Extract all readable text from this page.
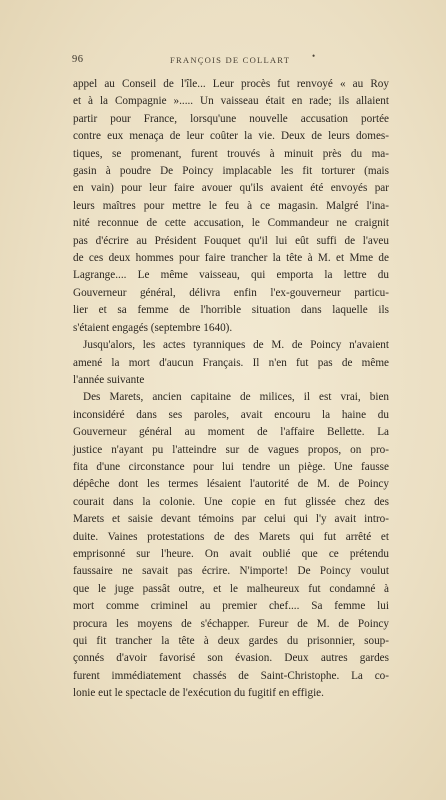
96	FRANÇOIS DE COLLART •
appel au Conseil de l'île... Leur procès fut renvoyé « au Roy
et à la Compagnie »..... Un vaisseau était en rade; ils allaient
partir pour France, lorsqu'une nouvelle accusation portée
contre eux menaça de leur coûter la vie. Deux de leurs domes-
tiques, se promenant, furent trouvés à minuit près du ma-
gasin à poudre De Poincy implacable les fit torturer (mais
en vain) pour leur faire avouer qu'ils avaient été envoyés par
leurs maîtres pour mettre le feu à ce magasin. Malgré l'ina-
nité reconnue de cette accusation, le Commandeur ne craignit
pas d'écrire au Président Fouquet qu'il lui eût suffi de l'aveu
de ces deux hommes pour faire trancher la tête à M. et Mme de
Lagrange.... Le même vaisseau, qui emporta la lettre du
Gouverneur général, délivra enfin l'ex-gouverneur particu-
lier et sa femme de l'horrible situation dans laquelle ils
s'étaient engagés (septembre 1640).
Jusqu'alors, les actes tyranniques de M. de Poincy n'avaient
amené la mort d'aucun Français. Il n'en fut pas de même
l'année suivante
Des Marets, ancien capitaine de milices, il est vrai, bien
inconsidéré dans ses paroles, avait encouru la haine du
Gouverneur général au moment de l'affaire Bellette. La
justice n'ayant pu l'atteindre sur de vagues propos, on pro-
fita d'une circonstance pour lui tendre un piège. Une fausse
dépêche dont les termes lésaient l'autorité de M. de Poincy
courait dans la colonie. Une copie en fut glissée chez des
Marets et saisie devant témoins par celui qui l'y avait intro-
duite. Vaines protestations de des Marets qui fut arrêté et
emprisonné sur l'heure. On avait oublié que ce prétendu
faussaire ne savait pas écrire. N'importe! De Poincy voulut
que le juge passât outre, et le malheureux fut condamné à
mort comme criminel au premier chef.... Sa femme lui
procura les moyens de s'échapper. Fureur de M. de Poincy
qui fit trancher la tête à deux gardes du prisonnier, soup-
çonnés d'avoir favorisé son évasion. Deux autres gardes
furent immédiatement chassés de Saint-Christophe. La co-
lonie eut le spectacle de l'exécution du fugitif en effigie.
